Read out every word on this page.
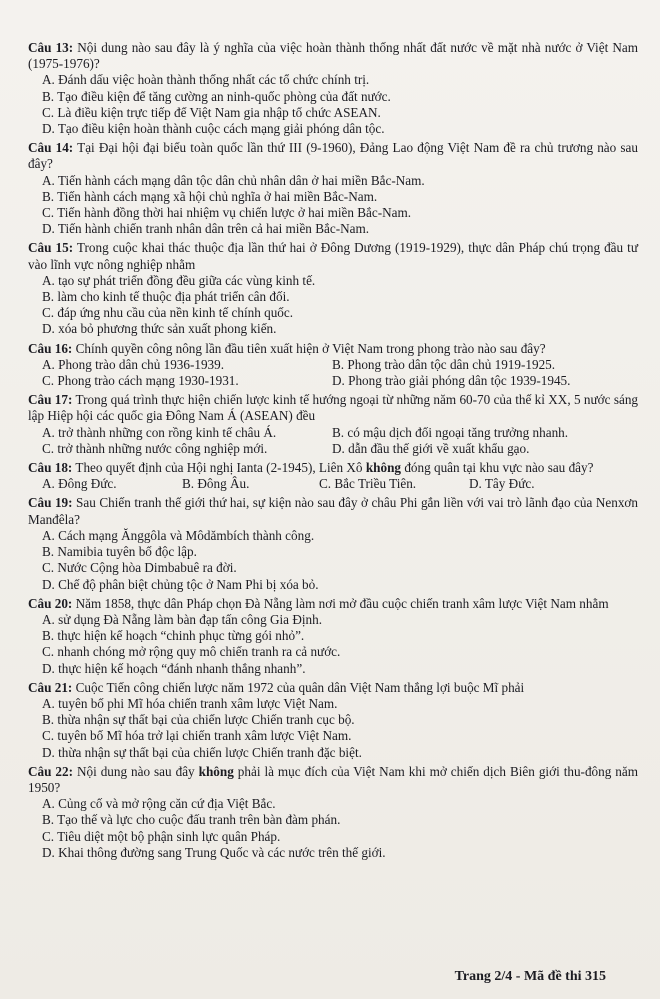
Câu 13: Nội dung nào sau đây là ý nghĩa của việc hoàn thành thống nhất đất nước về mặt nhà nước ở Việt Nam (1975-1976)?
A. Đánh dấu việc hoàn thành thống nhất các tổ chức chính trị.
B. Tạo điều kiện để tăng cường an ninh-quốc phòng của đất nước.
C. Là điều kiện trực tiếp để Việt Nam gia nhập tổ chức ASEAN.
D. Tạo điều kiện hoàn thành cuộc cách mạng giải phóng dân tộc.
Câu 14: Tại Đại hội đại biểu toàn quốc lần thứ III (9-1960), Đảng Lao động Việt Nam đề ra chủ trương nào sau đây?
A. Tiến hành cách mạng dân tộc dân chủ nhân dân ở hai miền Bắc-Nam.
B. Tiến hành cách mạng xã hội chủ nghĩa ở hai miền Bắc-Nam.
C. Tiến hành đồng thời hai nhiệm vụ chiến lược ở hai miền Bắc-Nam.
D. Tiến hành chiến tranh nhân dân trên cả hai miền Bắc-Nam.
Câu 15: Trong cuộc khai thác thuộc địa lần thứ hai ở Đông Dương (1919-1929), thực dân Pháp chú trọng đầu tư vào lĩnh vực nông nghiệp nhằm
A. tạo sự phát triển đồng đều giữa các vùng kinh tế.
B. làm cho kinh tế thuộc địa phát triển cân đối.
C. đáp ứng nhu cầu của nền kinh tế chính quốc.
D. xóa bỏ phương thức sản xuất phong kiến.
Câu 16: Chính quyền công nông lần đầu tiên xuất hiện ở Việt Nam trong phong trào nào sau đây?
A. Phong trào dân chủ 1936-1939.	B. Phong trào dân tộc dân chủ 1919-1925.
C. Phong trào cách mạng 1930-1931.	D. Phong trào giải phóng dân tộc 1939-1945.
Câu 17: Trong quá trình thực hiện chiến lược kinh tế hướng ngoại từ những năm 60-70 của thế kỉ XX, 5 nước sáng lập Hiệp hội các quốc gia Đông Nam Á (ASEAN) đều
A. trở thành những con rồng kinh tế châu Á.	B. có mậu dịch đối ngoại tăng trưởng nhanh.
C. trở thành những nước công nghiệp mới.	D. dẫn đầu thế giới về xuất khẩu gạo.
Câu 18: Theo quyết định của Hội nghị Ianta (2-1945), Liên Xô không đóng quân tại khu vực nào sau đây?
A. Đông Đức.	B. Đông Âu.	C. Bắc Triều Tiên.	D. Tây Đức.
Câu 19: Sau Chiến tranh thế giới thứ hai, sự kiện nào sau đây ở châu Phi gắn liền với vai trò lãnh đạo của Nenxơn Manđêla?
A. Cách mạng Ănggôla và Môdămbích thành công.
B. Namibia tuyên bố độc lập.
C. Nước Cộng hòa Dimbabuê ra đời.
D. Chế độ phân biệt chủng tộc ở Nam Phi bị xóa bỏ.
Câu 20: Năm 1858, thực dân Pháp chọn Đà Nẵng làm nơi mở đầu cuộc chiến tranh xâm lược Việt Nam nhằm
A. sử dụng Đà Nẵng làm bàn đạp tấn công Gia Định.
B. thực hiện kế hoạch “chinh phục từng gói nhỏ”.
C. nhanh chóng mở rộng quy mô chiến tranh ra cả nước.
D. thực hiện kế hoạch “đánh nhanh thắng nhanh”.
Câu 21: Cuộc Tiến công chiến lược năm 1972 của quân dân Việt Nam thắng lợi buộc Mĩ phải
A. tuyên bố phi Mĩ hóa chiến tranh xâm lược Việt Nam.
B. thừa nhận sự thất bại của chiến lược Chiến tranh cục bộ.
C. tuyên bố Mĩ hóa trở lại chiến tranh xâm lược Việt Nam.
D. thừa nhận sự thất bại của chiến lược Chiến tranh đặc biệt.
Câu 22: Nội dung nào sau đây không phải là mục đích của Việt Nam khi mở chiến dịch Biên giới thu-đông năm 1950?
A. Củng cố và mở rộng căn cứ địa Việt Bắc.
B. Tạo thế và lực cho cuộc đấu tranh trên bàn đàm phán.
C. Tiêu diệt một bộ phận sinh lực quân Pháp.
D. Khai thông đường sang Trung Quốc và các nước trên thế giới.
Trang 2/4 - Mã đề thi 315
